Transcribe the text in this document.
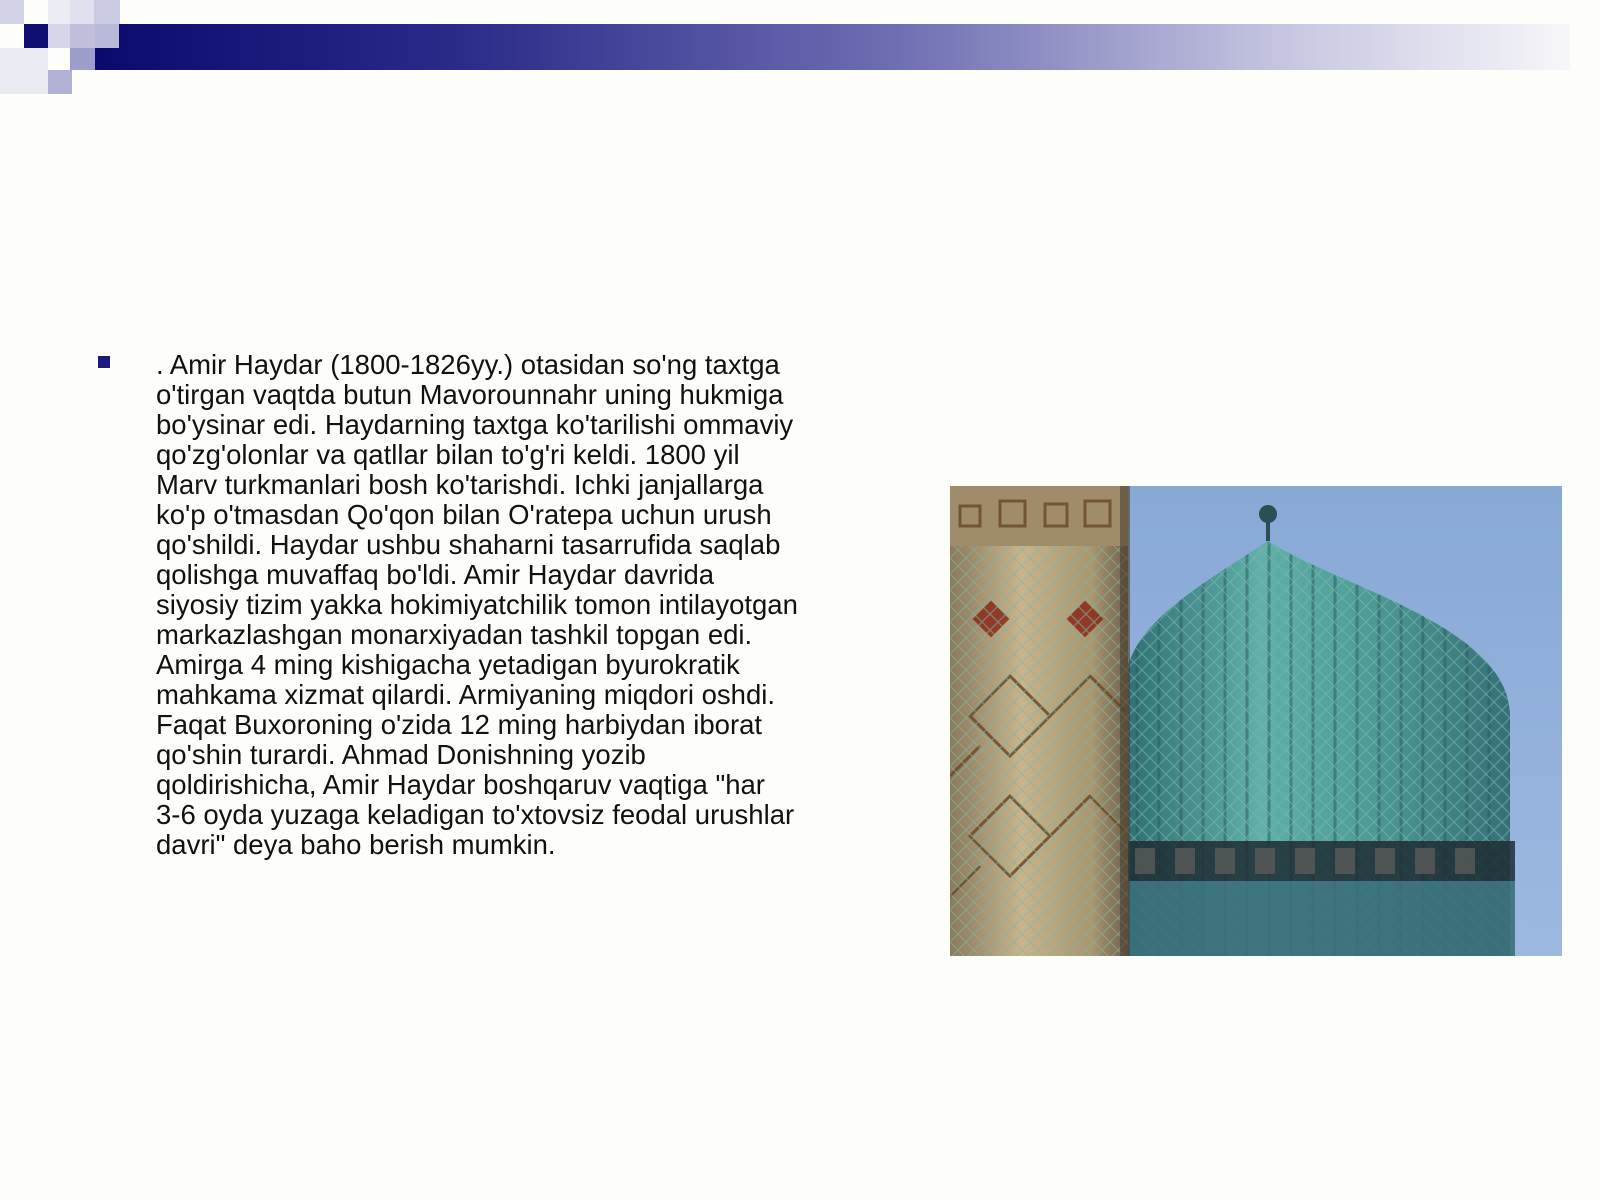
. Amir Haydar (1800-1826yy.) otasidan so'ng taxtga
o'tirgan vaqtda butun Mavorounnahr uning hukmiga
bo'ysinar edi. Haydarning taxtga ko'tarilishi ommaviy
qo'zg'olonlar va qatllar bilan to'g'ri keldi. 1800 yil
Marv turkmanlari bosh ko'tarishdi. Ichki janjallarga
ko'p o'tmasdan Qo'qon bilan O'ratepa uchun urush
qo'shildi. Haydar ushbu shaharni tasarrufida saqlab
qolishga muvaffaq bo'ldi. Amir Haydar davrida
siyosiy tizim yakka hokimiyatchilik tomon intilayotgan
markazlashgan monarxiyadan tashkil topgan edi.
Amirga 4 ming kishigacha yetadigan byurokratik
mahkama xizmat qilardi. Armiyaning miqdori oshdi.
Faqat Buxoroning o'zida 12 ming harbiydan iborat
qo'shin turardi. Ahmad Donishning yozib
qoldirishicha, Amir Haydar boshqaruv vaqtiga "har
3-6 oyda yuzaga keladigan to'xtovsiz feodal urushlar
davri" deya baho berish mumkin.
